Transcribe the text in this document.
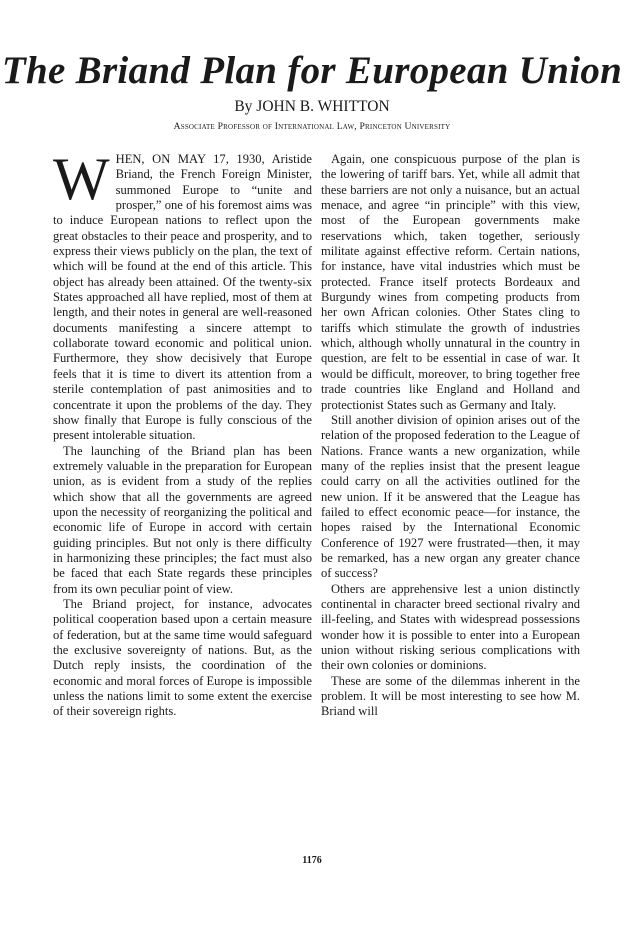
The Briand Plan for European Union
By JOHN B. WHITTON
Associate Professor of International Law, Princeton University

WHEN, ON MAY 17, 1930, Aristide Briand, the French Foreign Minister, summoned Europe to “unite and prosper,” one of his foremost aims was to induce European nations to reflect upon the great obstacles to their peace and prosperity, and to express their views publicly on the plan, the text of which will be found at the end of this article. This object has already been attained. Of the twenty-six States approached all have replied, most of them at length, and their notes in general are well-reasoned documents manifesting a sincere attempt to collaborate toward economic and political union. Furthermore, they show decisively that Europe feels that it is time to divert its attention from a sterile contemplation of past animosities and to concentrate it upon the problems of the day. They show finally that Europe is fully conscious of the present intolerable situation.

The launching of the Briand plan has been extremely valuable in the preparation for European union, as is evident from a study of the replies which show that all the governments are agreed upon the necessity of reorganizing the political and economic life of Europe in accord with certain guiding principles. But not only is there difficulty in harmonizing these principles; the fact must also be faced that each State regards these principles from its own peculiar point of view.

The Briand project, for instance, advocates political cooperation based upon a certain measure of federation, but at the same time would safeguard the exclusive sovereignty of nations. But, as the Dutch reply insists, the coordination of the economic and moral forces of Europe is impossible unless the nations limit to some extent the exercise of their sovereign rights.

Again, one conspicuous purpose of the plan is the lowering of tariff bars. Yet, while all admit that these barriers are not only a nuisance, but an actual menace, and agree “in principle” with this view, most of the European governments make reservations which, taken together, seriously militate against effective reform. Certain nations, for instance, have vital industries which must be protected. France itself protects Bordeaux and Burgundy wines from competing products from her own African colonies. Other States cling to tariffs which stimulate the growth of industries which, although wholly unnatural in the country in question, are felt to be essential in case of war. It would be difficult, moreover, to bring together free trade countries like England and Holland and protectionist States such as Germany and Italy.

Still another division of opinion arises out of the relation of the proposed federation to the League of Nations. France wants a new organization, while many of the replies insist that the present league could carry on all the activities outlined for the new union. If it be answered that the League has failed to effect economic peace—for instance, the hopes raised by the International Economic Conference of 1927 were frustrated—then, it may be remarked, has a new organ any greater chance of success?

Others are apprehensive lest a union distinctly continental in character breed sectional rivalry and ill-feeling, and States with widespread possessions wonder how it is possible to enter into a European union without risking serious complications with their own colonies or dominions.

These are some of the dilemmas inherent in the problem. It will be most interesting to see how M. Briand will

1176
